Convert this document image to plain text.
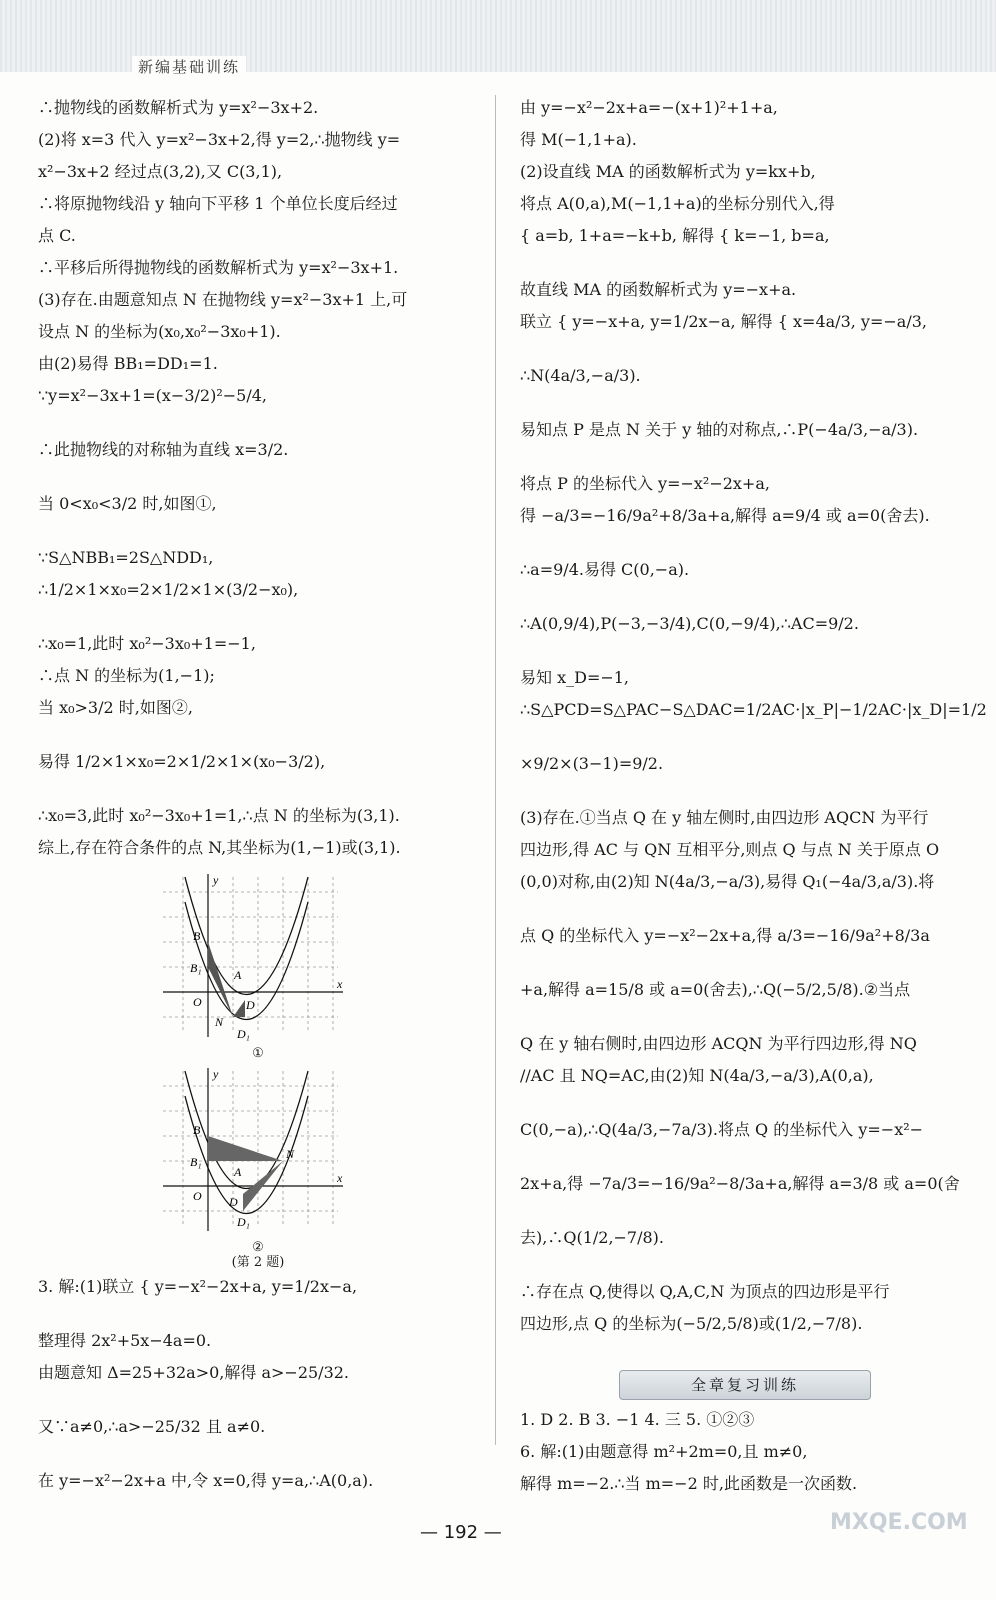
新编基础训练
∴抛物线的函数解析式为 y=x²−3x+2.
(2)将 x=3 代入 y=x²−3x+2,得 y=2,∴抛物线 y=
x²−3x+2 经过点(3,2),又 C(3,1),
∴将原抛物线沿 y 轴向下平移 1 个单位长度后经过
点 C.
∴平移后所得抛物线的函数解析式为 y=x²−3x+1.
(3)存在.由题意知点 N 在抛物线 y=x²−3x+1 上,可
设点 N 的坐标为(x₀,x₀²−3x₀+1).
由(2)易得 BB₁=DD₁=1.
∵y=x²−3x+1=(x−3/2)²−5/4,
∴此抛物线的对称轴为直线 x=3/2.
当 0<x₀<3/2 时,如图①,
∵S△NBB₁=2S△NDD₁,
∴1/2×1×x₀=2×1/2×1×(3/2−x₀),
∴x₀=1,此时 x₀²−3x₀+1=−1,
∴点 N 的坐标为(1,−1);
当 x₀>3/2 时,如图②,
易得 1/2×1×x₀=2×1/2×1×(x₀−3/2),
∴x₀=3,此时 x₀²−3x₀+1=1,∴点 N 的坐标为(3,1).
综上,存在符合条件的点 N,其坐标为(1,−1)或(3,1).
y
x
O
B
B₁	A
N
D
D₁
①
y
x
O
B
B₁
A
N
D
D₁
②
(第 2 题)
3. 解:(1)联立 { y=−x²−2x+a, y=1/2x−a,
整理得 2x²+5x−4a=0.
由题意知 Δ=25+32a>0,解得 a>−25/32.
又∵a≠0,∴a>−25/32 且 a≠0.
在 y=−x²−2x+a 中,令 x=0,得 y=a,∴A(0,a).
由 y=−x²−2x+a=−(x+1)²+1+a,
得 M(−1,1+a).
(2)设直线 MA 的函数解析式为 y=kx+b,
将点 A(0,a),M(−1,1+a)的坐标分别代入,得
{ a=b, 1+a=−k+b, 解得 { k=−1, b=a,
故直线 MA 的函数解析式为 y=−x+a.
联立 { y=−x+a, y=1/2x−a, 解得 { x=4a/3, y=−a/3,
∴N(4a/3,−a/3).
易知点 P 是点 N 关于 y 轴的对称点,∴P(−4a/3,−a/3).
将点 P 的坐标代入 y=−x²−2x+a,
得 −a/3=−16/9a²+8/3a+a,解得 a=9/4 或 a=0(舍去).
∴a=9/4.易得 C(0,−a).
∴A(0,9/4),P(−3,−3/4),C(0,−9/4),∴AC=9/2.
易知 x_D=−1,
∴S△PCD=S△PAC−S△DAC=1/2AC·|x_P|−1/2AC·|x_D|=1/2
×9/2×(3−1)=9/2.
(3)存在.①当点 Q 在 y 轴左侧时,由四边形 AQCN 为平行
四边形,得 AC 与 QN 互相平分,则点 Q 与点 N 关于原点 O
(0,0)对称,由(2)知 N(4a/3,−a/3),易得 Q₁(−4a/3,a/3).将
点 Q 的坐标代入 y=−x²−2x+a,得 a/3=−16/9a²+8/3a
+a,解得 a=15/8 或 a=0(舍去),∴Q(−5/2,5/8).②当点
Q 在 y 轴右侧时,由四边形 ACQN 为平行四边形,得 NQ
//AC 且 NQ=AC,由(2)知 N(4a/3,−a/3),A(0,a),
C(0,−a),∴Q(4a/3,−7a/3).将点 Q 的坐标代入 y=−x²−
2x+a,得 −7a/3=−16/9a²−8/3a+a,解得 a=3/8 或 a=0(舍
去),∴Q(1/2,−7/8).
∴存在点 Q,使得以 Q,A,C,N 为顶点的四边形是平行
四边形,点 Q 的坐标为(−5/2,5/8)或(1/2,−7/8).
全章复习训练
1. D 2. B 3. −1 4. 三 5. ①②③
6. 解:(1)由题意得 m²+2m=0,且 m≠0,
解得 m=−2.∴当 m=−2 时,此函数是一次函数.
— 192 —	MXQE.COM
